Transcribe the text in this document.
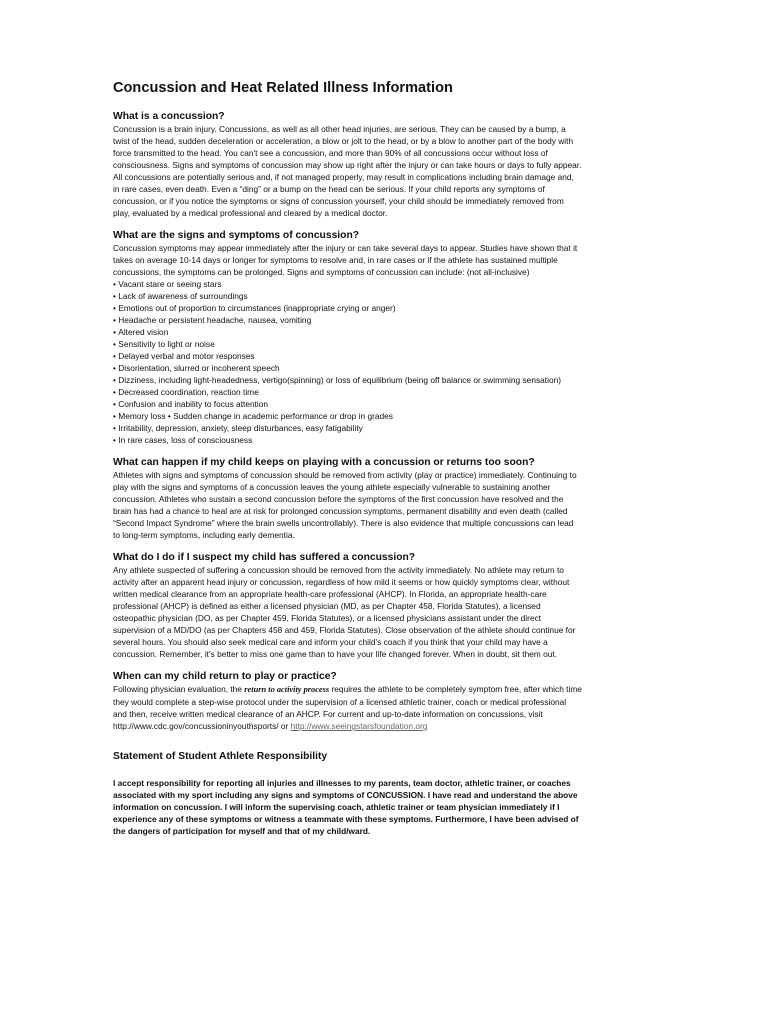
Concussion and Heat Related Illness Information
What is a concussion?
Concussion is a brain injury. Concussions, as well as all other head injuries, are serious. They can be caused by a bump, a
twist of the head, sudden deceleration or acceleration, a blow or jolt to the head, or by a blow to another part of the body with
force transmitted to the head. You can't see a concussion, and more than 90% of all concussions occur without loss of
consciousness. Signs and symptoms of concussion may show up right after the injury or can take hours or days to fully appear.
All concussions are potentially serious and, if not managed properly, may result in complications including brain damage and,
in rare cases, even death. Even a “ding” or a bump on the head can be serious. If your child reports any symptoms of
concussion, or if you notice the symptoms or signs of concussion yourself, your child should be immediately removed from
play, evaluated by a medical professional and cleared by a medical doctor.
What are the signs and symptoms of concussion?
Concussion symptoms may appear immediately after the injury or can take several days to appear. Studies have shown that it
takes on average 10-14 days or longer for symptoms to resolve and, in rare cases or if the athlete has sustained multiple
concussions, the symptoms can be prolonged. Signs and symptoms of concussion can include: (not all-inclusive)
• Vacant stare or seeing stars
• Lack of awareness of surroundings
• Emotions out of proportion to circumstances (inappropriate crying or anger)
• Headache or persistent headache, nausea, vomiting
• Altered vision
• Sensitivity to light or noise
• Delayed verbal and motor responses
• Disorientation, slurred or incoherent speech
• Dizziness, including light-headedness, vertigo(spinning) or loss of equilibrium (being off balance or swimming sensation)
• Decreased coordination, reaction time
• Confusion and inability to focus attention
• Memory loss • Sudden change in academic performance or drop in grades
• Irritability, depression, anxiety, sleep disturbances, easy fatigability
• In rare cases, loss of consciousness
What can happen if my child keeps on playing with a concussion or returns too soon?
Athletes with signs and symptoms of concussion should be removed from activity (play or practice) immediately. Continuing to
play with the signs and symptoms of a concussion leaves the young athlete especially vulnerable to sustaining another
concussion. Athletes who sustain a second concussion before the symptoms of the first concussion have resolved and the
brain has had a chance to heal are at risk for prolonged concussion symptoms, permanent disability and even death (called
“Second Impact Syndrome” where the brain swells uncontrollably). There is also evidence that multiple concussions can lead
to long-term symptoms, including early dementia.
What do I do if I suspect my child has suffered a concussion?
Any athlete suspected of suffering a concussion should be removed from the activity immediately. No athlete may return to
activity after an apparent head injury or concussion, regardless of how mild it seems or how quickly symptoms clear, without
written medical clearance from an appropriate health-care professional (AHCP). In Florida, an appropriate health-care
professional (AHCP) is defined as either a licensed physician (MD, as per Chapter 458, Florida Statutes), a licensed
osteopathic physician (DO, as per Chapter 459, Florida Statutes), or a licensed physicians assistant under the direct
supervision of a MD/DO (as per Chapters 458 and 459, Florida Statutes). Close observation of the athlete should continue for
several hours. You should also seek medical care and inform your child's coach if you think that your child may have a
concussion. Remember, it's better to miss one game than to have your life changed forever. When in doubt, sit them out.
When can my child return to play or practice?
Following physician evaluation, the return to activity process requires the athlete to be completely symptom free, after which time
they would complete a step-wise protocol under the supervision of a licensed athletic trainer, coach or medical professional
and then, receive written medical clearance of an AHCP. For current and up-to-date information on concussions, visit
http://www.cdc.gov/concussioninyouthsports/ or http://www.seeingstarsfoundation.org
Statement of Student Athlete Responsibility
I accept responsibility for reporting all injuries and illnesses to my parents, team doctor, athletic trainer, or coaches
associated with my sport including any signs and symptoms of CONCUSSION. I have read and understand the above
information on concussion. I will inform the supervising coach, athletic trainer or team physician immediately if I
experience any of these symptoms or witness a teammate with these symptoms. Furthermore, I have been advised of
the dangers of participation for myself and that of my child/ward.
